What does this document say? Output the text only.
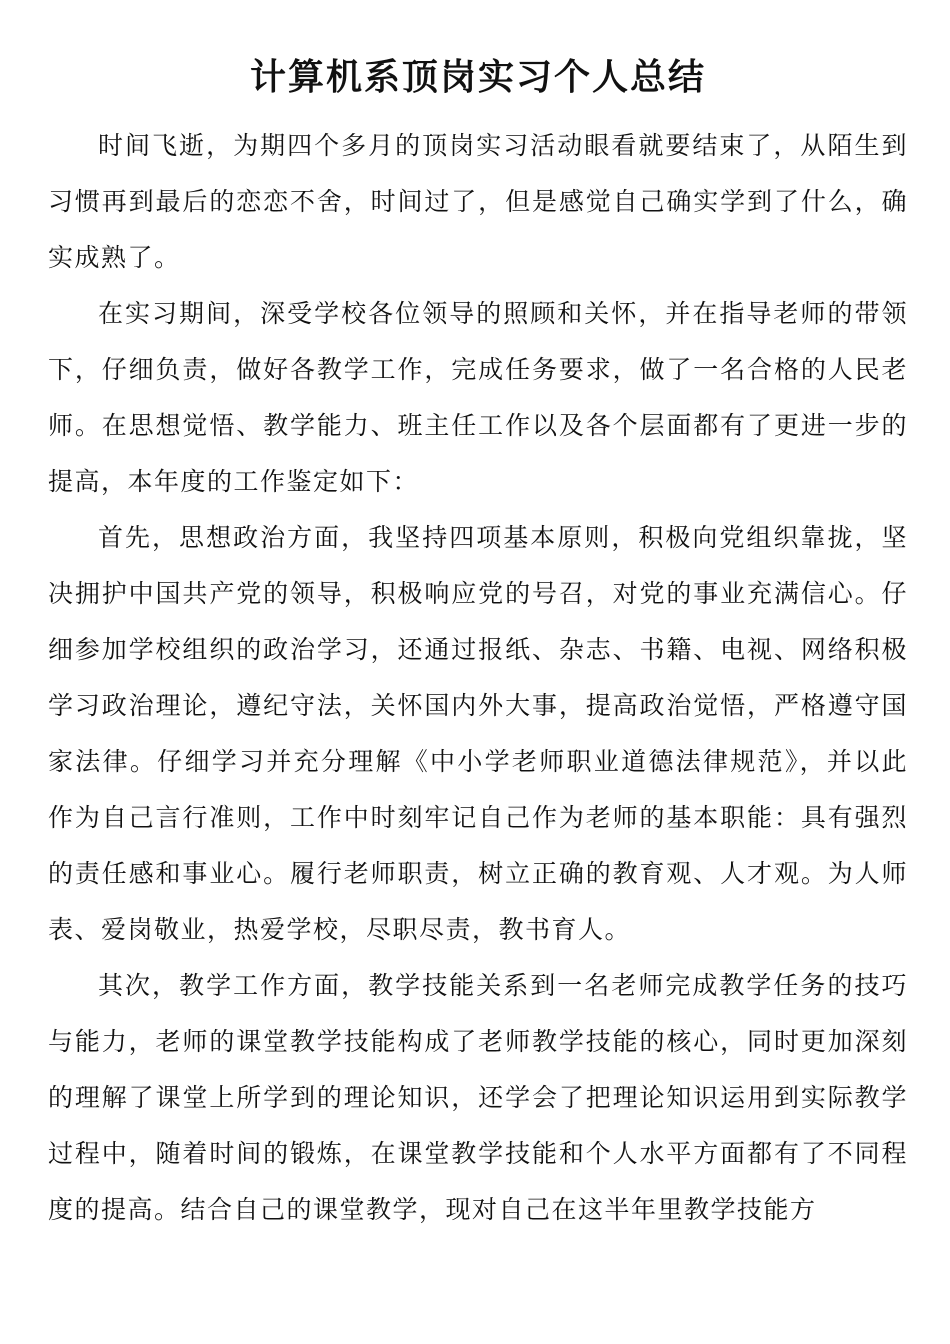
计算机系顶岗实习个人总结

时间飞逝，为期四个多月的顶岗实习活动眼看就要结束了，从陌生到习惯再到最后的恋恋不舍，时间过了，但是感觉自己确实学到了什么，确实成熟了。

在实习期间，深受学校各位领导的照顾和关怀，并在指导老师的带领下，仔细负责，做好各教学工作，完成任务要求，做了一名合格的人民老师。在思想觉悟、教学能力、班主任工作以及各个层面都有了更进一步的提高，本年度的工作鉴定如下：

首先，思想政治方面，我坚持四项基本原则，积极向党组织靠拢，坚决拥护中国共产党的领导，积极响应党的号召，对党的事业充满信心。仔细参加学校组织的政治学习，还通过报纸、杂志、书籍、电视、网络积极学习政治理论，遵纪守法，关怀国内外大事，提高政治觉悟，严格遵守国家法律。仔细学习并充分理解《中小学老师职业道德法律规范》，并以此作为自己言行准则，工作中时刻牢记自己作为老师的基本职能：具有强烈的责任感和事业心。履行老师职责，树立正确的教育观、人才观。为人师表、爱岗敬业，热爱学校，尽职尽责，教书育人。

其次，教学工作方面，教学技能关系到一名老师完成教学任务的技巧与能力，老师的课堂教学技能构成了老师教学技能的核心，同时更加深刻的理解了课堂上所学到的理论知识，还学会了把理论知识运用到实际教学过程中，随着时间的锻炼，在课堂教学技能和个人水平方面都有了不同程度的提高。结合自己的课堂教学，现对自己在这半年里教学技能方
